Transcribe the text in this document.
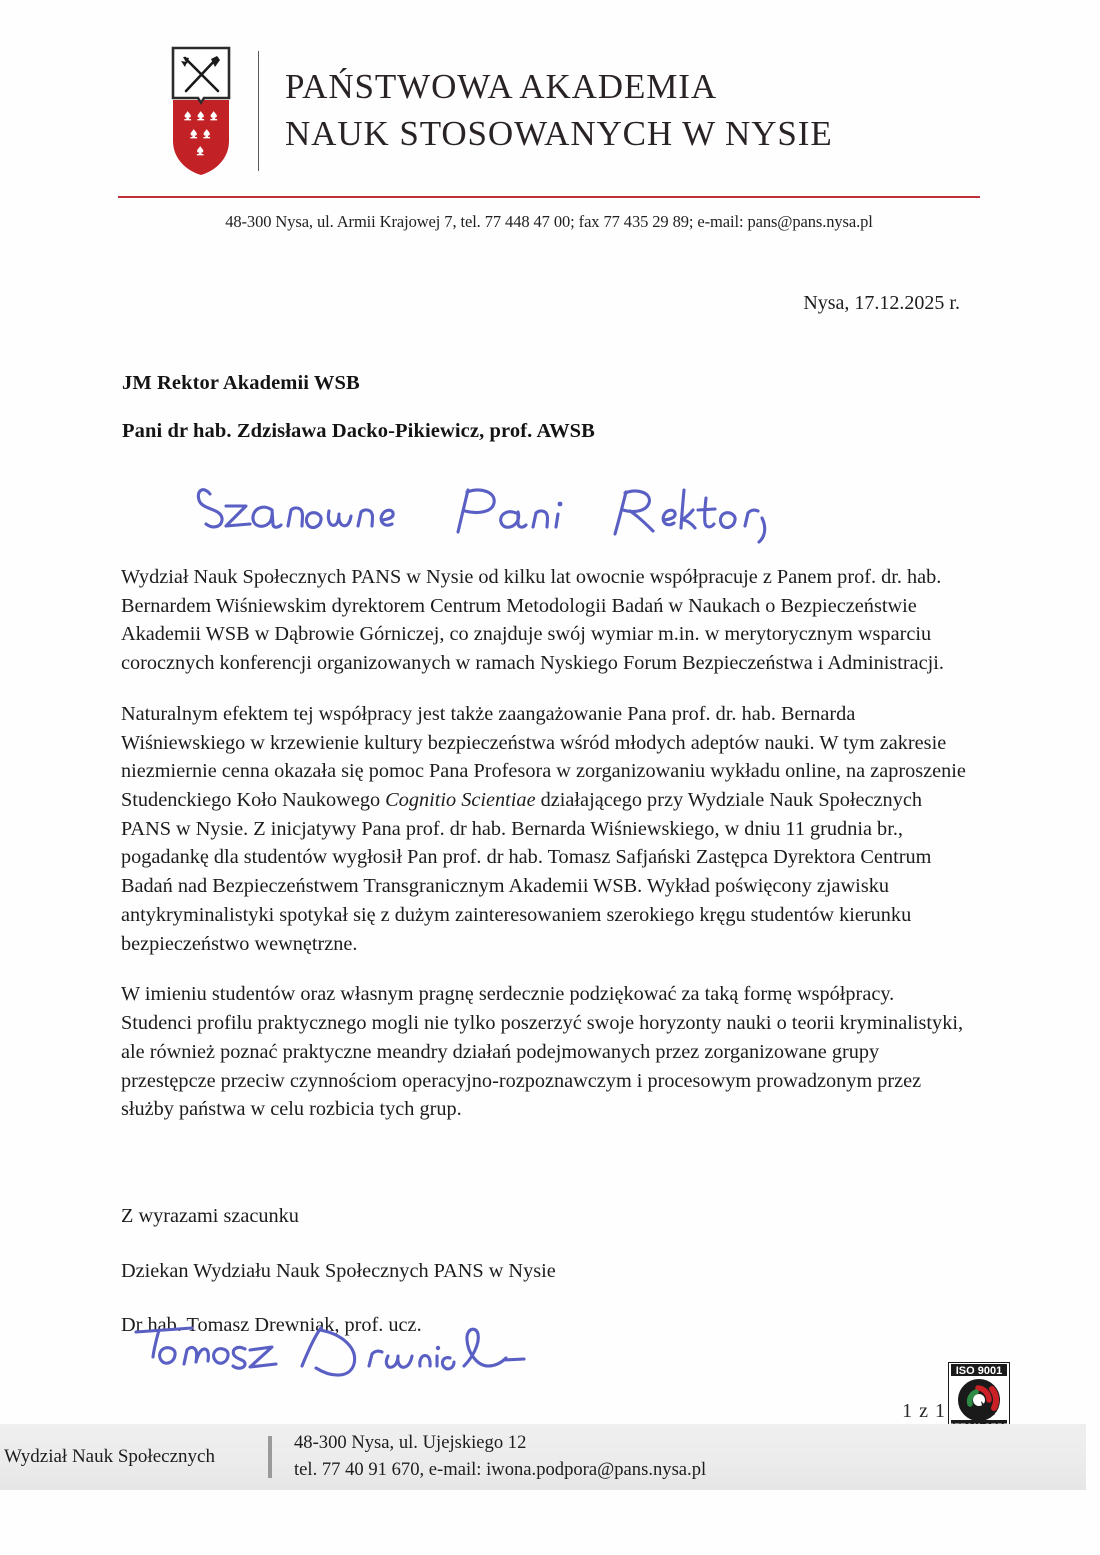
PAŃSTWOWA AKADEMIA
NAUK STOSOWANYCH W NYSIE
48-300 Nysa, ul. Armii Krajowej 7, tel. 77 448 47 00; fax 77 435 29 89; e-mail: pans@pans.nysa.pl
Nysa, 17.12.2025 r.
JM Rektor Akademii WSB
Pani dr hab. Zdzisława Dacko-Pikiewicz, prof. AWSB

Wydział Nauk Społecznych PANS w Nysie od kilku lat owocnie współpracuje z Panem prof. dr. hab. Bernardem Wiśniewskim dyrektorem Centrum Metodologii Badań w Naukach o Bezpieczeństwie Akademii WSB w Dąbrowie Górniczej, co znajduje swój wymiar m.in. w merytorycznym wsparciu corocznych konferencji organizowanych w ramach Nyskiego Forum Bezpieczeństwa i Administracji.

Naturalnym efektem tej współpracy jest także zaangażowanie Pana prof. dr. hab. Bernarda Wiśniewskiego w krzewienie kultury bezpieczeństwa wśród młodych adeptów nauki. W tym zakresie niezmiernie cenna okazała się pomoc Pana Profesora w zorganizowaniu wykładu online, na zaproszenie Studenckiego Koło Naukowego Cognitio Scientiae działającego przy Wydziale Nauk Społecznych PANS w Nysie. Z inicjatywy Pana prof. dr hab. Bernarda Wiśniewskiego, w dniu 11 grudnia br., pogadankę dla studentów wygłosił Pan prof. dr hab. Tomasz Safjański Zastępca Dyrektora Centrum Badań nad Bezpieczeństwem Transgranicznym Akademii WSB. Wykład poświęcony zjawisku antykryminalistyki spotykał się z dużym zainteresowaniem szerokiego kręgu studentów kierunku bezpieczeństwo wewnętrzne.

W imieniu studentów oraz własnym pragnę serdecznie podziękować za taką formę współpracy. Studenci profilu praktycznego mogli nie tylko poszerzyć swoje horyzonty nauki o teorii kryminalistyki, ale również poznać praktyczne meandry działań podejmowanych przez zorganizowane grupy przestępcze przeciw czynnościom operacyjno-rozpoznawczym i procesowym prowadzonym przez służby państwa w celu rozbicia tych grup.

Z wyrazami szacunku

Dziekan Wydziału Nauk Społecznych PANS w Nysie

Dr hab. Tomasz Drewniak, prof. ucz.

1 z 1
ISO 9001
Wydział Nauk Społecznych
48-300 Nysa, ul. Ujejskiego 12
tel. 77 40 91 670, e-mail: iwona.podpora@pans.nysa.pl
